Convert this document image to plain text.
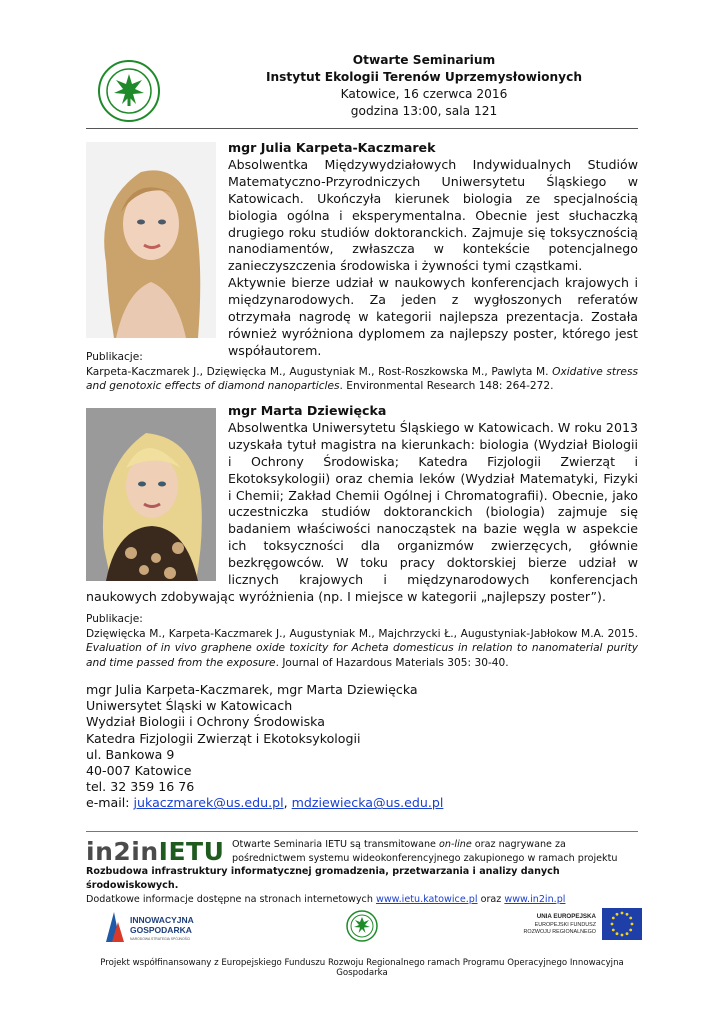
Otwarte Seminarium
Instytut Ekologii Terenów Uprzemysłowionych
Katowice, 16 czerwca 2016
godzina 13:00, sala 121
mgr Julia Karpeta-Kaczmarek
Absolwentka Międzywydziałowych Indywidualnych Studiów Matematyczno-Przyrodniczych Uniwersytetu Śląskiego w Katowicach. Ukończyła kierunek biologia ze specjalnością biologia ogólna i eksperymentalna. Obecnie jest słuchaczką drugiego roku studiów doktoranckich. Zajmuje się toksycznością nanodiamentów, zwłaszcza w kontekście potencjalnego zanieczyszczenia środowiska i żywności tymi cząstkami.
Aktywnie bierze udział w naukowych konferencjach krajowych i międzynarodowych. Za jeden z wygłoszonych referatów otrzymała nagrodę w kategorii najlepsza prezentacja. Została również wyróżniona dyplomem za najlepszy poster, którego jest współautorem.
Publikacje:
Karpeta-Kaczmarek J., Dzięwięcka M., Augustyniak M., Rost-Roszkowska M., Pawlyta M. Oxidative stress and genotoxic effects of diamond nanoparticles. Environmental Research 148: 264-272.
mgr Marta Dziewięcka
Absolwentka Uniwersytetu Śląskiego w Katowicach. W roku 2013 uzyskała tytuł magistra na kierunkach: biologia (Wydział Biologii i Ochrony Środowiska; Katedra Fizjologii Zwierząt i Ekotoksykologii) oraz chemia leków (Wydział Matematyki, Fizyki i Chemii; Zakład Chemii Ogólnej i Chromatografii). Obecnie, jako uczestniczka studiów doktoranckich (biologia) zajmuje się badaniem właściwości nanocząstek na bazie węgla w aspekcie ich toksyczności dla organizmów zwierzęcych, głównie bezkręgowców. W toku pracy doktorskiej bierze udział w licznych krajowych i międzynarodowych konferencjach naukowych zdobywając wyróżnienia (np. I miejsce w kategorii „najlepszy poster”).
Publikacje:
Dzięwięcka M., Karpeta-Kaczmarek J., Augustyniak M., Majchrzycki Ł., Augustyniak-Jabłokow M.A. 2015. Evaluation of in vivo graphene oxide toxicity for Acheta domesticus in relation to nanomaterial purity and time passed from the exposure. Journal of Hazardous Materials 305: 30-40.
mgr Julia Karpeta-Kaczmarek, mgr Marta Dziewięcka
Uniwersytet Śląski w Katowicach
Wydział Biologii i Ochrony Środowiska
Katedra Fizjologii Zwierząt i Ekotoksykologii
ul. Bankowa 9
40-007 Katowice
tel. 32 359 16 76
e-mail: jukaczmarek@us.edu.pl, mdziewiecka@us.edu.pl
in2inIETU Otwarte Seminaria IETU są transmitowane on-line oraz nagrywane za pośrednictwem systemu wideokonferencyjnego zakupionego w ramach projektu
Rozbudowa infrastruktury informatycznej gromadzenia, przetwarzania i analizy danych środowiskowych.
Dodatkowe informacje dostępne na stronach internetowych www.ietu.katowice.pl oraz www.in2in.pl
INNOWACYJNA
GOSPODARKA
NARODOWA STRATEGIA SPÓJNOŚCI
UNIA EUROPEJSKA
EUROPEJSKI FUNDUSZ
ROZWOJU REGIONALNEGO
Projekt współfinansowany z Europejskiego Funduszu Rozwoju Regionalnego ramach Programu Operacyjnego Innowacyjna Gospodarka
